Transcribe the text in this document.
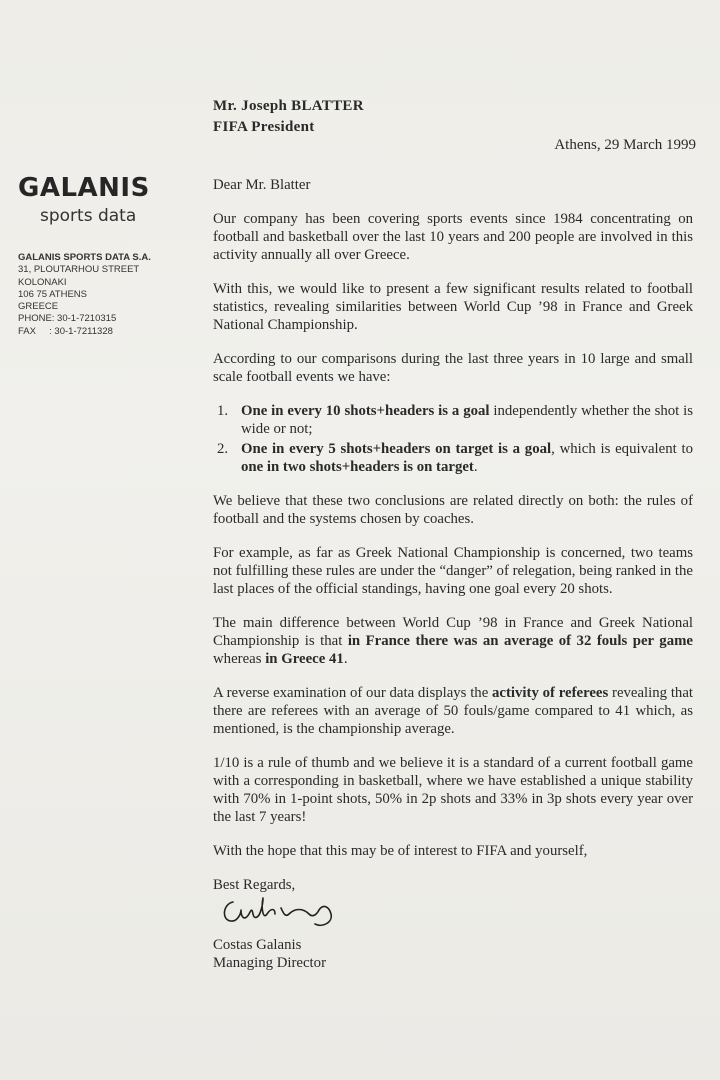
GALANIS
sports data
GALANIS SPORTS DATA S.A.
31, PLOUTARHOU STREET
KOLONAKI
106 75 ATHENS
GREECE
PHONE: 30-1-7210315
FAX     : 30-1-7211328
Mr. Joseph BLATTER
FIFA President
Athens, 29 March 1999

Dear Mr. Blatter

Our company has been covering sports events since 1984 concentrating on football and basketball over the last 10 years and 200 people are involved in this activity annually all over Greece.

With this, we would like to present a few significant results related to football statistics, revealing similarities between World Cup ’98 in France and Greek National Championship.

According to our comparisons during the last three years in 10 large and small scale football events we have:

1. One in every 10 shots+headers is a goal independently whether the shot is wide or not;
2. One in every 5 shots+headers on target is a goal, which is equivalent to one in two shots+headers is on target.

We believe that these two conclusions are related directly on both: the rules of football and the systems chosen by coaches.

For example, as far as Greek National Championship is concerned, two teams not fulfilling these rules are under the “danger” of relegation, being ranked in the last places of the official standings, having one goal every 20 shots.

The main difference between World Cup ’98 in France and Greek National Championship is that in France there was an average of 32 fouls per game whereas in Greece 41.

A reverse examination of our data displays the activity of referees revealing that there are referees with an average of 50 fouls/game compared to 41 which, as mentioned, is the championship average.

1/10 is a rule of thumb and we believe it is a standard of a current football game with a corresponding in basketball, where we have established a unique stability with 70% in 1-point shots, 50% in 2p shots and 33% in 3p shots every year over the last 7 years!

With the hope that this may be of interest to FIFA and yourself,

Best Regards,
Costas Galanis
Managing Director
